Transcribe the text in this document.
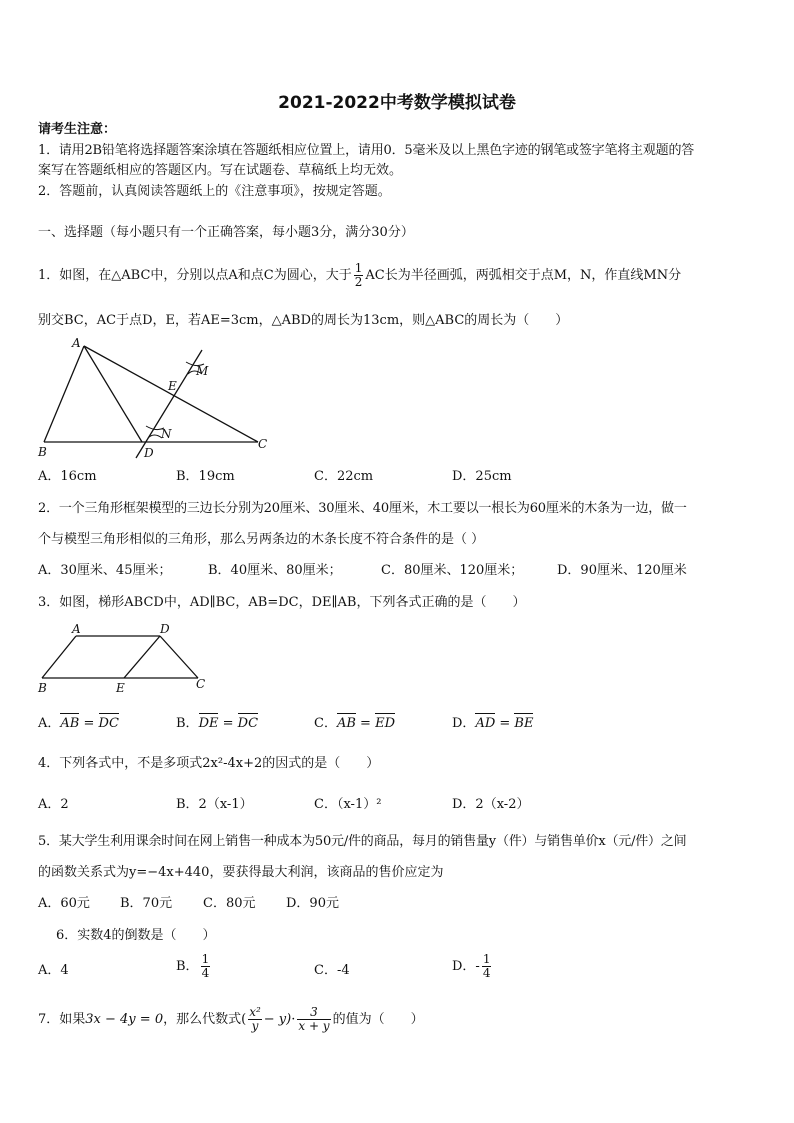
2021-2022中考数学模拟试卷
请考生注意：
1．请用2B铅笔将选择题答案涂填在答题纸相应位置上，请用0．5毫米及以上黑色字迹的钢笔或签字笔将主观题的答
案写在答题纸相应的答题区内。写在试题卷、草稿纸上均无效。
2．答题前，认真阅读答题纸上的《注意事项》，按规定答题。
一、选择题（每小题只有一个正确答案，每小题3分，满分30分）
1．如图，在△ABC中，分别以点A和点C为圆心，大于 $\frac{1}{2}$ AC长为半径画弧，两弧相交于点M，N，作直线MN分
别交BC，AC于点D，E，若AE=3cm，△ABD的周长为13cm，则△ABC的周长为（　　）
A
B
C
D
E
M
N
A．16cm	B．19cm	C．22cm	D．25cm
2．一个三角形框架模型的三边长分别为20厘米、30厘米、40厘米，木工要以一根长为60厘米的木条为一边，做一
个与模型三角形相似的三角形，那么另两条边的木条长度不符合条件的是（ ）
A．30厘米、45厘米；	B．40厘米、80厘米；	C．80厘米、120厘米；	D．90厘米、120厘米
3．如图，梯形ABCD中，AD∥BC，AB=DC，DE∥AB，下列各式正确的是（　　）
A	D
B	E	C
A．AB = DC	B．DE = DC	C．AB = ED	D．AD = BE
4．下列各式中，不是多项式2x²-4x+2的因式的是（　　）
A．2	B．2（x-1）	C．（x-1）²	D．2（x-2）
5．某大学生利用课余时间在网上销售一种成本为50元/件的商品，每月的销售量y（件）与销售单价x（元/件）之间
的函数关系式为y=−4x+440，要获得最大利润，该商品的售价应定为
A．60元 B．70元 C．80元 D．90元
6．实数4的倒数是（　　）
A．4	B． $\frac{1}{4}$	C．-4	D．- $\frac{1}{4}$
7．如果3x − 4y = 0，那么代数式( $\frac{\text{x²}}{y} - y)\cdot \frac{3}{x + y}$ 的值为（　　）
